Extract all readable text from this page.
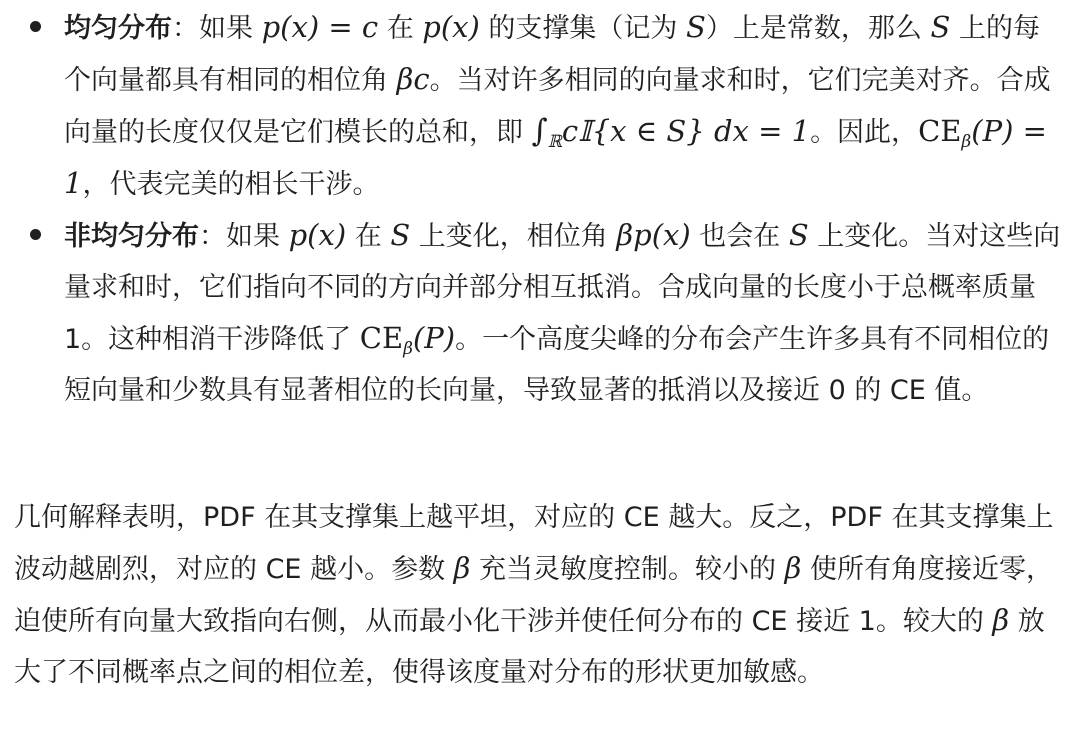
均匀分布：如果 p(x) = c 在 p(x) 的支撑集（记为 S）上是常数，那么 S 上的每个向量都具有相同的相位角 βc。当对许多相同的向量求和时，它们完美对齐。合成向量的长度仅仅是它们模长的总和，即 $\int_ℝc𝕀\{x$ ∈ S} dx = 1。因此，$CE_\beta(P) = 1$，代表完美的相长干涉。
非均匀分布：如果 p(x) 在 S 上变化，相位角 βp(x) 也会在 S 上变化。当对这些向量求和时，它们指向不同的方向并部分相互抵消。合成向量的长度小于总概率质量 1。这种相消干涉降低了 $CE_\beta(P)$。一个高度尖峰的分布会产生许多具有不同相位的短向量和少数具有显著相位的长向量，导致显著的抵消以及接近 0 的 CE 值。

几何解释表明，PDF 在其支撑集上越平坦，对应的 CE 越大。反之，PDF 在其支撑集上波动越剧烈，对应的 CE 越小。参数 β 充当灵敏度控制。较小的 β 使所有角度接近零，迫使所有向量大致指向右侧，从而最小化干涉并使任何分布的 CE 接近 1。较大的 β 放大了不同概率点之间的相位差，使得该度量对分布的形状更加敏感。
